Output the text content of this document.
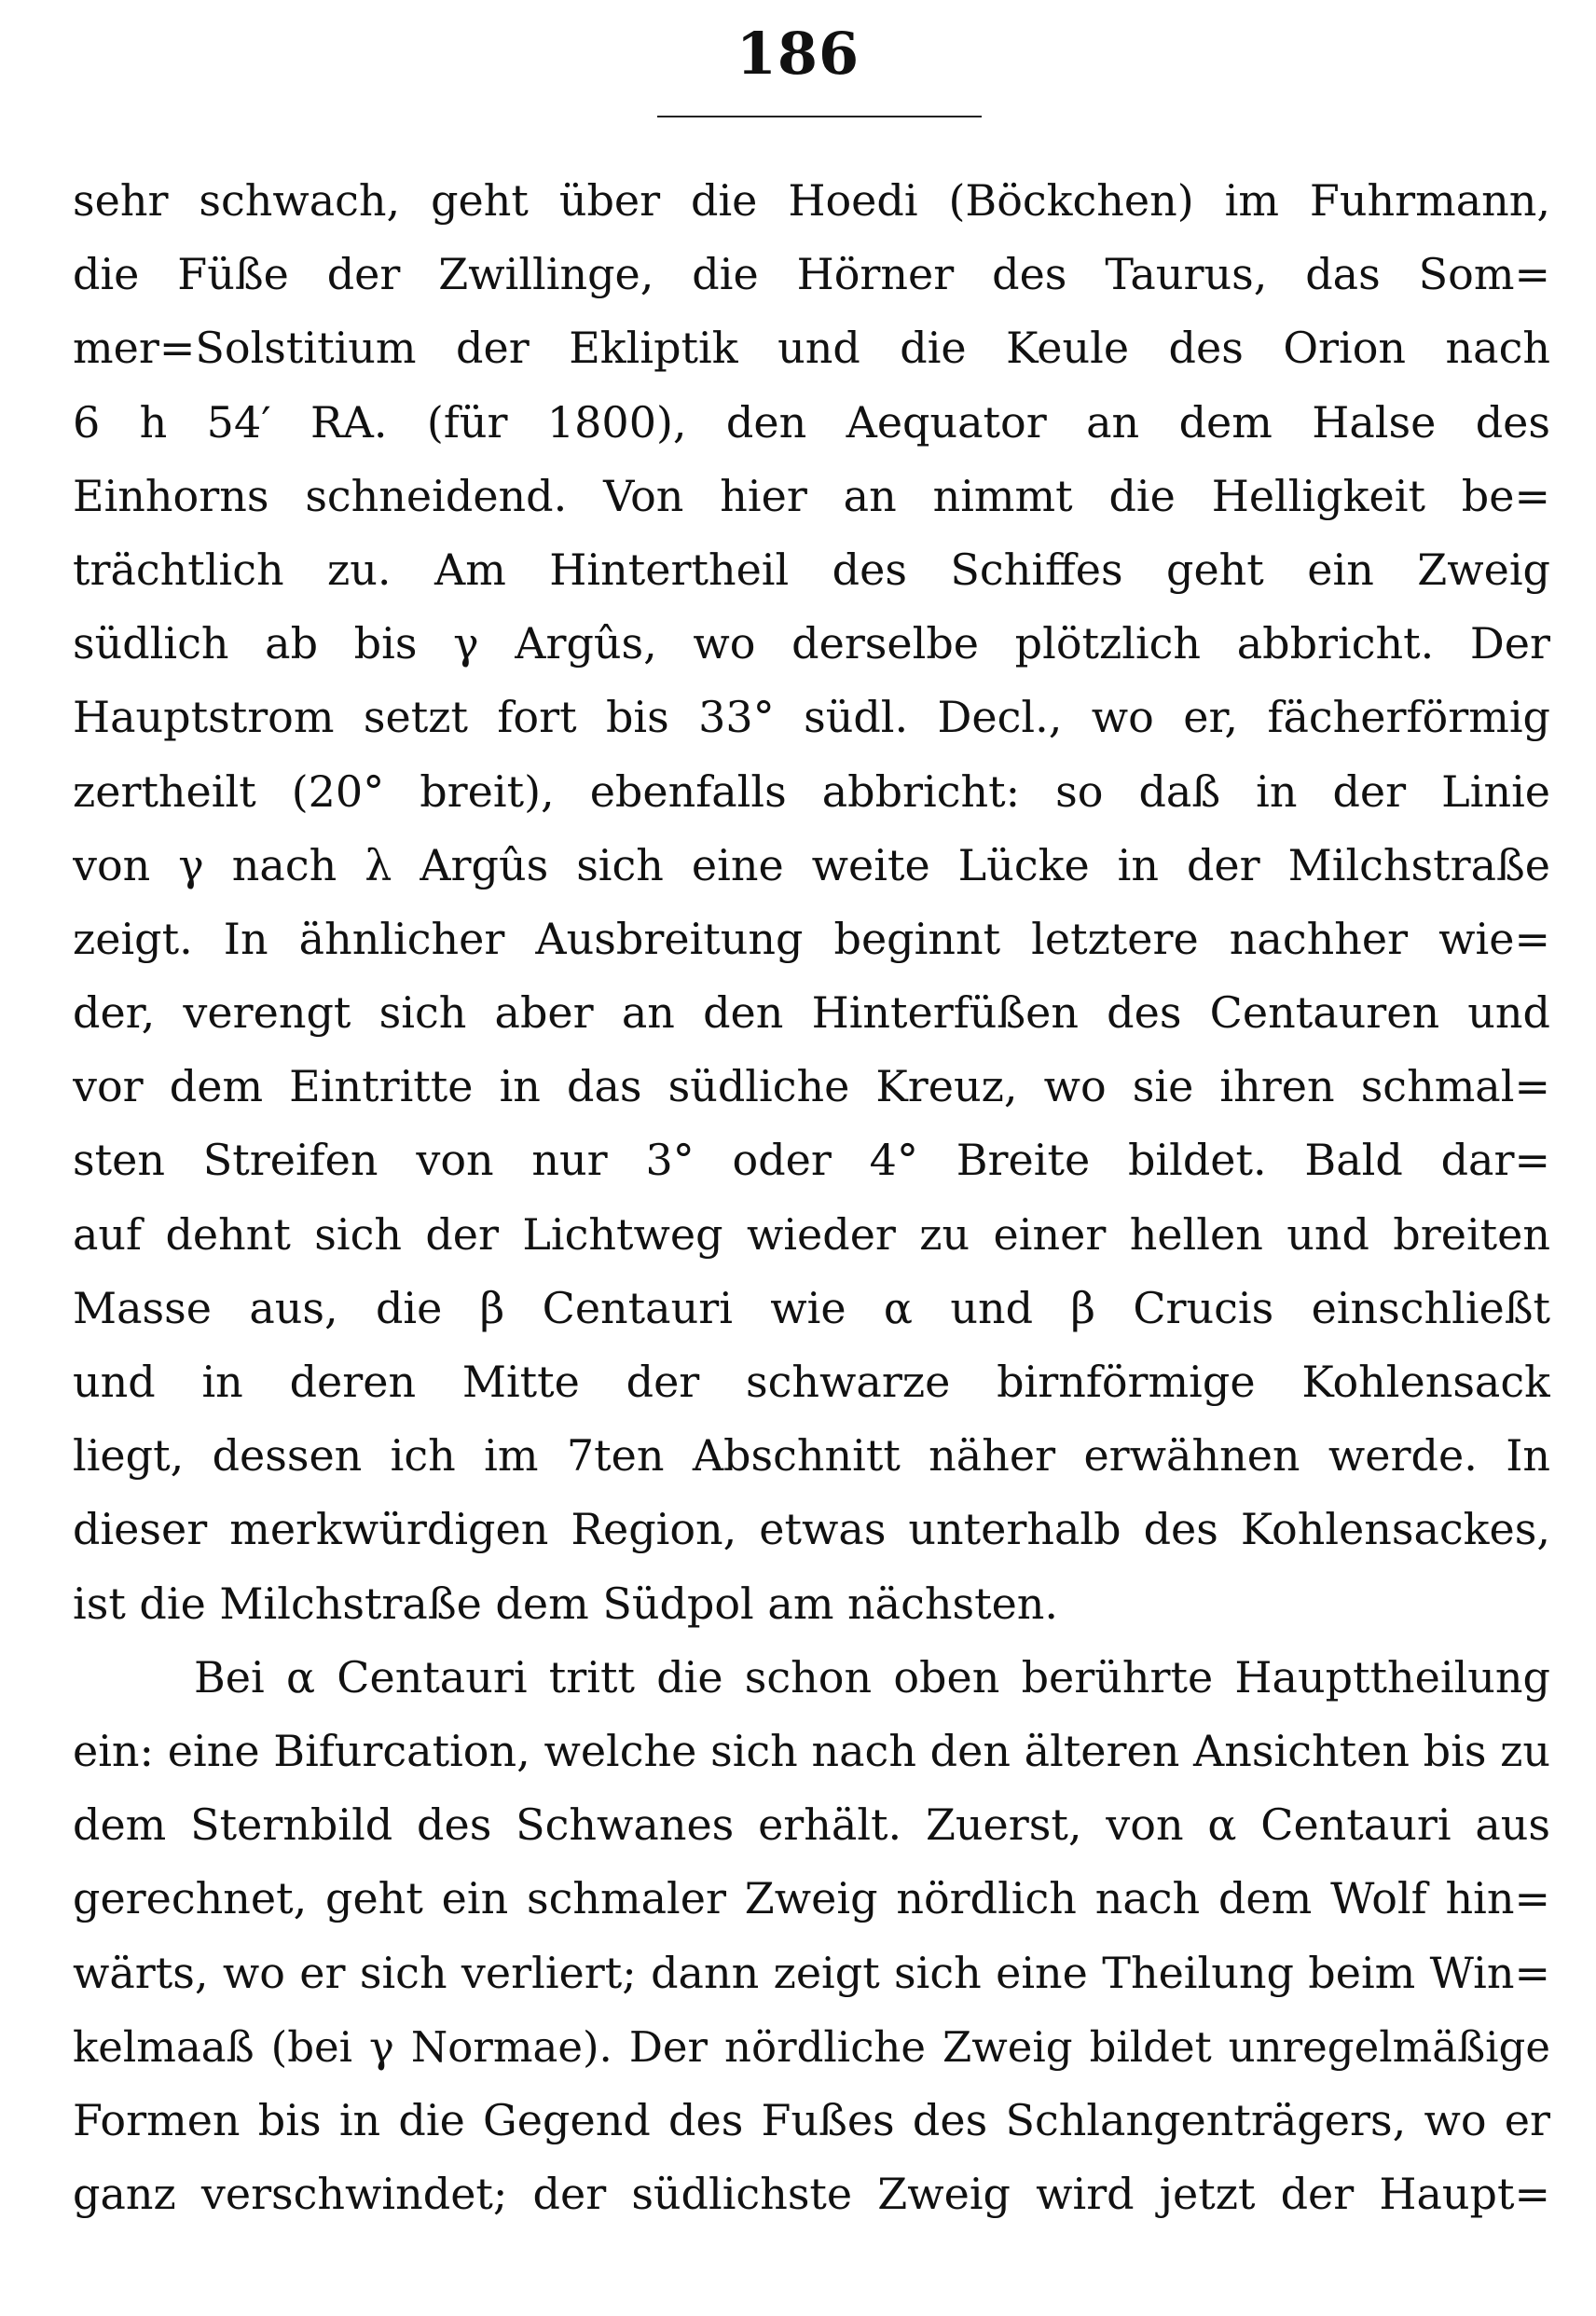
186
sehr schwach, geht über die Hoedi (Böckchen) im Fuhrmann,
die Füße der Zwillinge, die Hörner des Taurus, das Som=
mer=Solstitium der Ekliptik und die Keule des Orion nach
6 h 54′ RA. (für 1800), den Aequator an dem Halse des
Einhorns schneidend. Von hier an nimmt die Helligkeit be=
trächtlich zu. Am Hintertheil des Schiffes geht ein Zweig
südlich ab bis γ Argûs, wo derselbe plötzlich abbricht. Der
Hauptstrom setzt fort bis 33° südl. Decl., wo er, fächerförmig
zertheilt (20° breit), ebenfalls abbricht: so daß in der Linie
von γ nach λ Argûs sich eine weite Lücke in der Milchstraße
zeigt. In ähnlicher Ausbreitung beginnt letztere nachher wie=
der, verengt sich aber an den Hinterfüßen des Centauren und
vor dem Eintritte in das südliche Kreuz, wo sie ihren schmal=
sten Streifen von nur 3° oder 4° Breite bildet. Bald dar=
auf dehnt sich der Lichtweg wieder zu einer hellen und breiten
Masse aus, die β Centauri wie α und β Crucis einschließt
und in deren Mitte der schwarze birnförmige Kohlensack
liegt, dessen ich im 7ten Abschnitt näher erwähnen werde. In
dieser merkwürdigen Region, etwas unterhalb des Kohlensackes,
ist die Milchstraße dem Südpol am nächsten.
Bei α Centauri tritt die schon oben berührte Haupttheilung
ein: eine Bifurcation, welche sich nach den älteren Ansichten bis zu
dem Sternbild des Schwanes erhält. Zuerst, von α Centauri aus
gerechnet, geht ein schmaler Zweig nördlich nach dem Wolf hin=
wärts, wo er sich verliert; dann zeigt sich eine Theilung beim Win=
kelmaaß (bei γ Normae). Der nördliche Zweig bildet unregelmäßige
Formen bis in die Gegend des Fußes des Schlangenträgers, wo er
ganz verschwindet; der südlichste Zweig wird jetzt der Haupt=
